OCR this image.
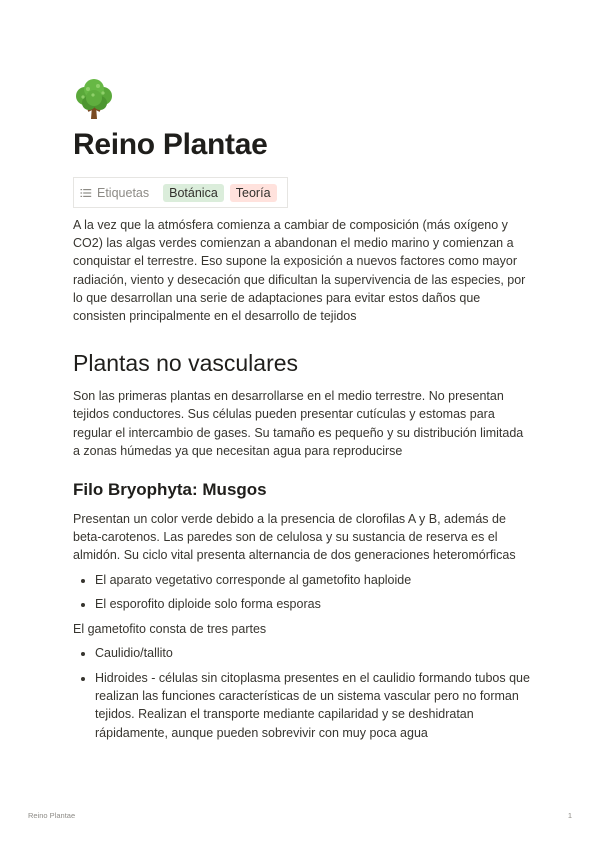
Reino Plantae
Etiquetas	Botánica	Teoría

A la vez que la atmósfera comienza a cambiar de composición (más oxígeno y CO2) las algas verdes comienzan a abandonan el medio marino y comienzan a conquistar el terrestre. Eso supone la exposición a nuevos factores como mayor radiación, viento y desecación que dificultan la supervivencia de las especies, por lo que desarrollan una serie de adaptaciones para evitar estos daños que consisten principalmente en el desarrollo de tejidos

Plantas no vasculares

Son las primeras plantas en desarrollarse en el medio terrestre. No presentan tejidos conductores. Sus células pueden presentar cutículas y estomas para regular el intercambio de gases. Su tamaño es pequeño y su distribución limitada a zonas húmedas ya que necesitan agua para reproducirse

Filo Bryophyta: Musgos

Presentan un color verde debido a la presencia de clorofilas A y B, además de beta-carotenos. Las paredes son de celulosa y su sustancia de reserva es el almidón. Su ciclo vital presenta alternancia de dos generaciones heteromórficas

• El aparato vegetativo corresponde al gametofito haploide
• El esporofito diploide solo forma esporas

El gametofito consta de tres partes

• Caulidio/tallito
• Hidroides - células sin citoplasma presentes en el caulidio formando tubos que realizan las funciones características de un sistema vascular pero no forman tejidos. Realizan el transporte mediante capilaridad y se deshidratan rápidamente, aunque pueden sobrevivir con muy poca agua
Reino Plantae	1
